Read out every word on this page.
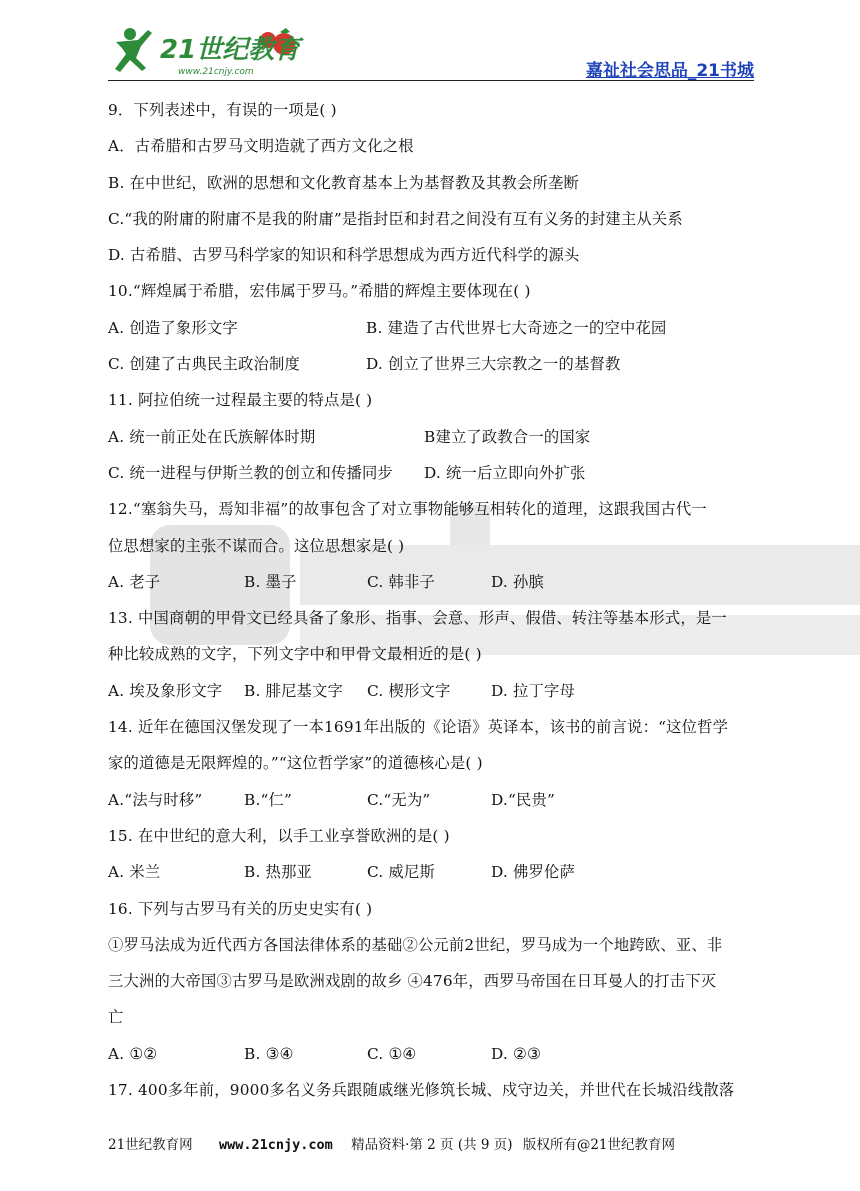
21世纪教育
www.21cnjy.com	嘉祉社会思品_21书城
9．下列表述中，有误的一项是( )
A．古希腊和古罗马文明造就了西方文化之根
B. 在中世纪，欧洲的思想和文化教育基本上为基督教及其教会所垄断
C.“我的附庸的附庸不是我的附庸”是指封臣和封君之间没有互有义务的封建主从关系
D. 古希腊、古罗马科学家的知识和科学思想成为西方近代科学的源头
10.“辉煌属于希腊，宏伟属于罗马。”希腊的辉煌主要体现在( )
A. 创造了象形文字	B. 建造了古代世界七大奇迹之一的空中花园
C. 创建了古典民主政治制度	D. 创立了世界三大宗教之一的基督教
11. 阿拉伯统一过程最主要的特点是( )
A. 统一前正处在氏族解体时期	B建立了政教合一的国家
C. 统一进程与伊斯兰教的创立和传播同步	D. 统一后立即向外扩张
12.“塞翁失马，焉知非福”的故事包含了对立事物能够互相转化的道理，这跟我国古代一
位思想家的主张不谋而合。这位思想家是( )
A. 老子	B. 墨子	C. 韩非子	D. 孙膑
13. 中国商朝的甲骨文已经具备了象形、指事、会意、形声、假借、转注等基本形式，是一
种比较成熟的文字，下列文字中和甲骨文最相近的是( )
A. 埃及象形文字	B. 腓尼基文字	C. 楔形文字	D. 拉丁字母
14. 近年在德国汉堡发现了一本1691年出版的《论语》英译本，该书的前言说：“这位哲学
家的道德是无限辉煌的。”“这位哲学家”的道德核心是( )
A.“法与时移”	B.“仁”	C.“无为”	D.“民贵”
15. 在中世纪的意大利，以手工业享誉欧洲的是( )
A. 米兰	B. 热那亚	C. 威尼斯	D. 佛罗伦萨
16. 下列与古罗马有关的历史史实有( )
①罗马法成为近代西方各国法律体系的基础②公元前2世纪，罗马成为一个地跨欧、亚、非
三大洲的大帝国③古罗马是欧洲戏剧的故乡 ④476年，西罗马帝国在日耳曼人的打击下灭
亡
A. ①②	B. ③④	C. ①④	D. ②③
17. 400多年前，9000多名义务兵跟随戚继光修筑长城、戍守边关，并世代在长城沿线散落
21世纪教育网 www.21cnjy.com 精品资料·第 2 页 (共 9 页) 版权所有@21世纪教育网
